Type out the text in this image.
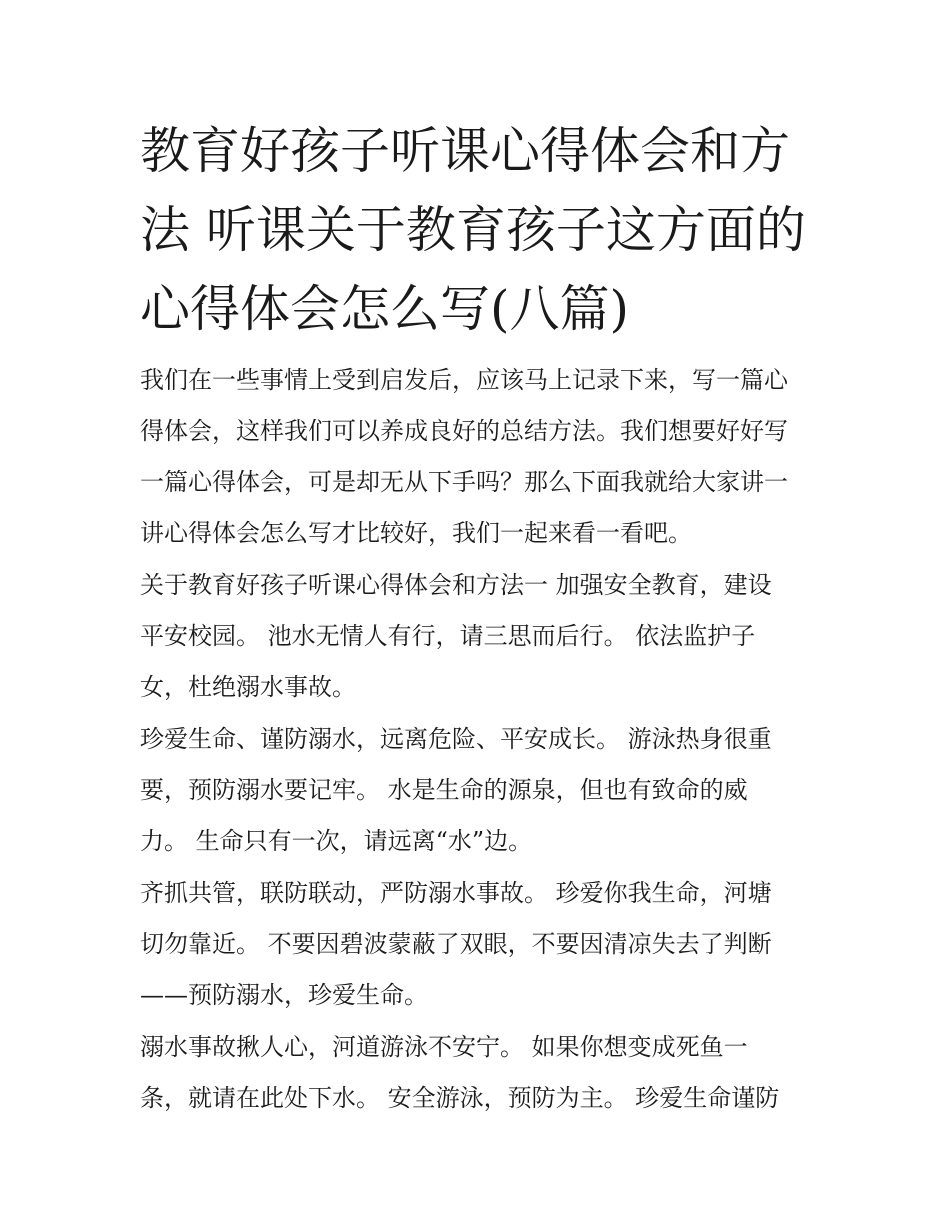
教育好孩子听课心得体会和方
法 听课关于教育孩子这方面的
心得体会怎么写(八篇)

我们在一些事情上受到启发后，应该马上记录下来，写一篇心
得体会，这样我们可以养成良好的总结方法。我们想要好好写
一篇心得体会，可是却无从下手吗？那么下面我就给大家讲一
讲心得体会怎么写才比较好，我们一起来看一看吧。

关于教育好孩子听课心得体会和方法一 加强安全教育，建设
平安校园。 池水无情人有行，请三思而后行。 依法监护子
女，杜绝溺水事故。

珍爱生命、谨防溺水，远离危险、平安成长。 游泳热身很重
要，预防溺水要记牢。 水是生命的源泉，但也有致命的威
力。 生命只有一次，请远离“水”边。

齐抓共管，联防联动，严防溺水事故。 珍爱你我生命，河塘
切勿靠近。 不要因碧波蒙蔽了双眼，不要因清凉失去了判断
——预防溺水，珍爱生命。

溺水事故揪人心，河道游泳不安宁。 如果你想变成死鱼一
条，就请在此处下水。 安全游泳，预防为主。 珍爱生命谨防
